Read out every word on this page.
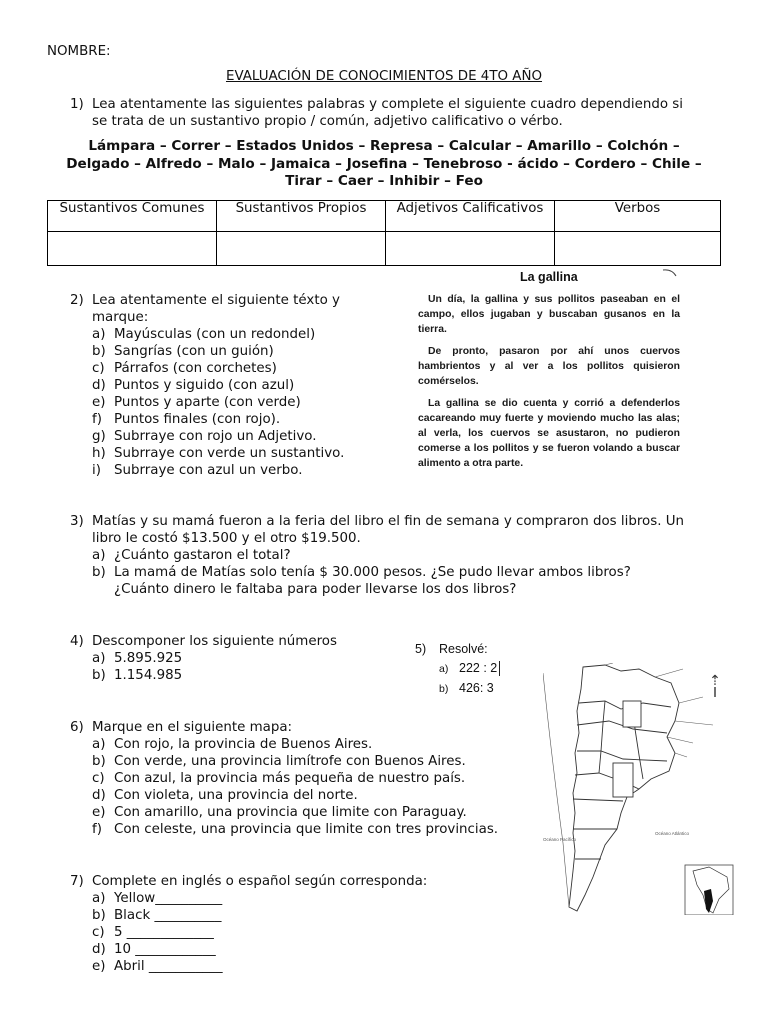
NOMBRE:
EVALUACIÓN DE CONOCIMIENTOS DE 4TO AÑO
1) Lea atentamente las siguientes palabras y complete el siguiente cuadro dependiendo si
se trata de un sustantivo propio / común, adjetivo calificativo o vérbo.
Lámpara – Correr – Estados Unidos – Represa – Calcular – Amarillo – Colchón –
Delgado – Alfredo – Malo – Jamaica – Josefina – Tenebroso - ácido – Cordero – Chile –
Tirar – Caer – Inhibir – Feo
Sustantivos Comunes	Sustantivos Propios	Adjetivos Calificativos	Verbos

2) Lea atentamente el siguiente téxto y
marque:
a) Mayúsculas (con un redondel)
b) Sangrías (con un guión)
c) Párrafos (con corchetes)
d) Puntos y siguido (con azul)
e) Puntos y aparte (con verde)
f) Puntos finales (con rojo).
g) Subrraye con rojo un Adjetivo.
h) Subrraye con verde un sustantivo.
i) Subrraye con azul un verbo.
La gallina

Un día, la gallina y sus pollitos paseaban en el campo, ellos jugaban y buscaban gusanos en la tierra.

De pronto, pasaron por ahí unos cuervos hambrientos y al ver a los pollitos quisieron comérselos.

La gallina se dio cuenta y corrió a defenderlos cacareando muy fuerte y moviendo mucho las alas; al verla, los cuervos se asustaron, no pudieron comerse a los pollitos y se fueron volando a buscar alimento a otra parte.

3) Matías y su mamá fueron a la feria del libro el fin de semana y compraron dos libros. Un
libro le costó $13.500 y el otro $19.500.
a) ¿Cuánto gastaron el total?
b) La mamá de Matías solo tenía $ 30.000 pesos. ¿Se pudo llevar ambos libros?
¿Cuánto dinero le faltaba para poder llevarse los dos libros?
4) Descomponer los siguiente números
a) 5.895.925
b) 1.154.985
5) Resolvé:
a) 222 : 2
b) 426: 3
6) Marque en el siguiente mapa:
a) Con rojo, la provincia de Buenos Aires.
b) Con verde, una provincia limítrofe con Buenos Aires.
c) Con azul, la provincia más pequeña de nuestro país.
d) Con violeta, una provincia del norte.
e) Con amarillo, una provincia que limite con Paraguay.
f) Con celeste, una provincia que limite con tres provincias.
⇡
Océano Pacífico
Océano Atlántico
7) Complete en inglés o español según corresponda:
a) Yellow__________
b) Black __________
c) 5 _____________
d) 10 ____________
e) Abril ___________
